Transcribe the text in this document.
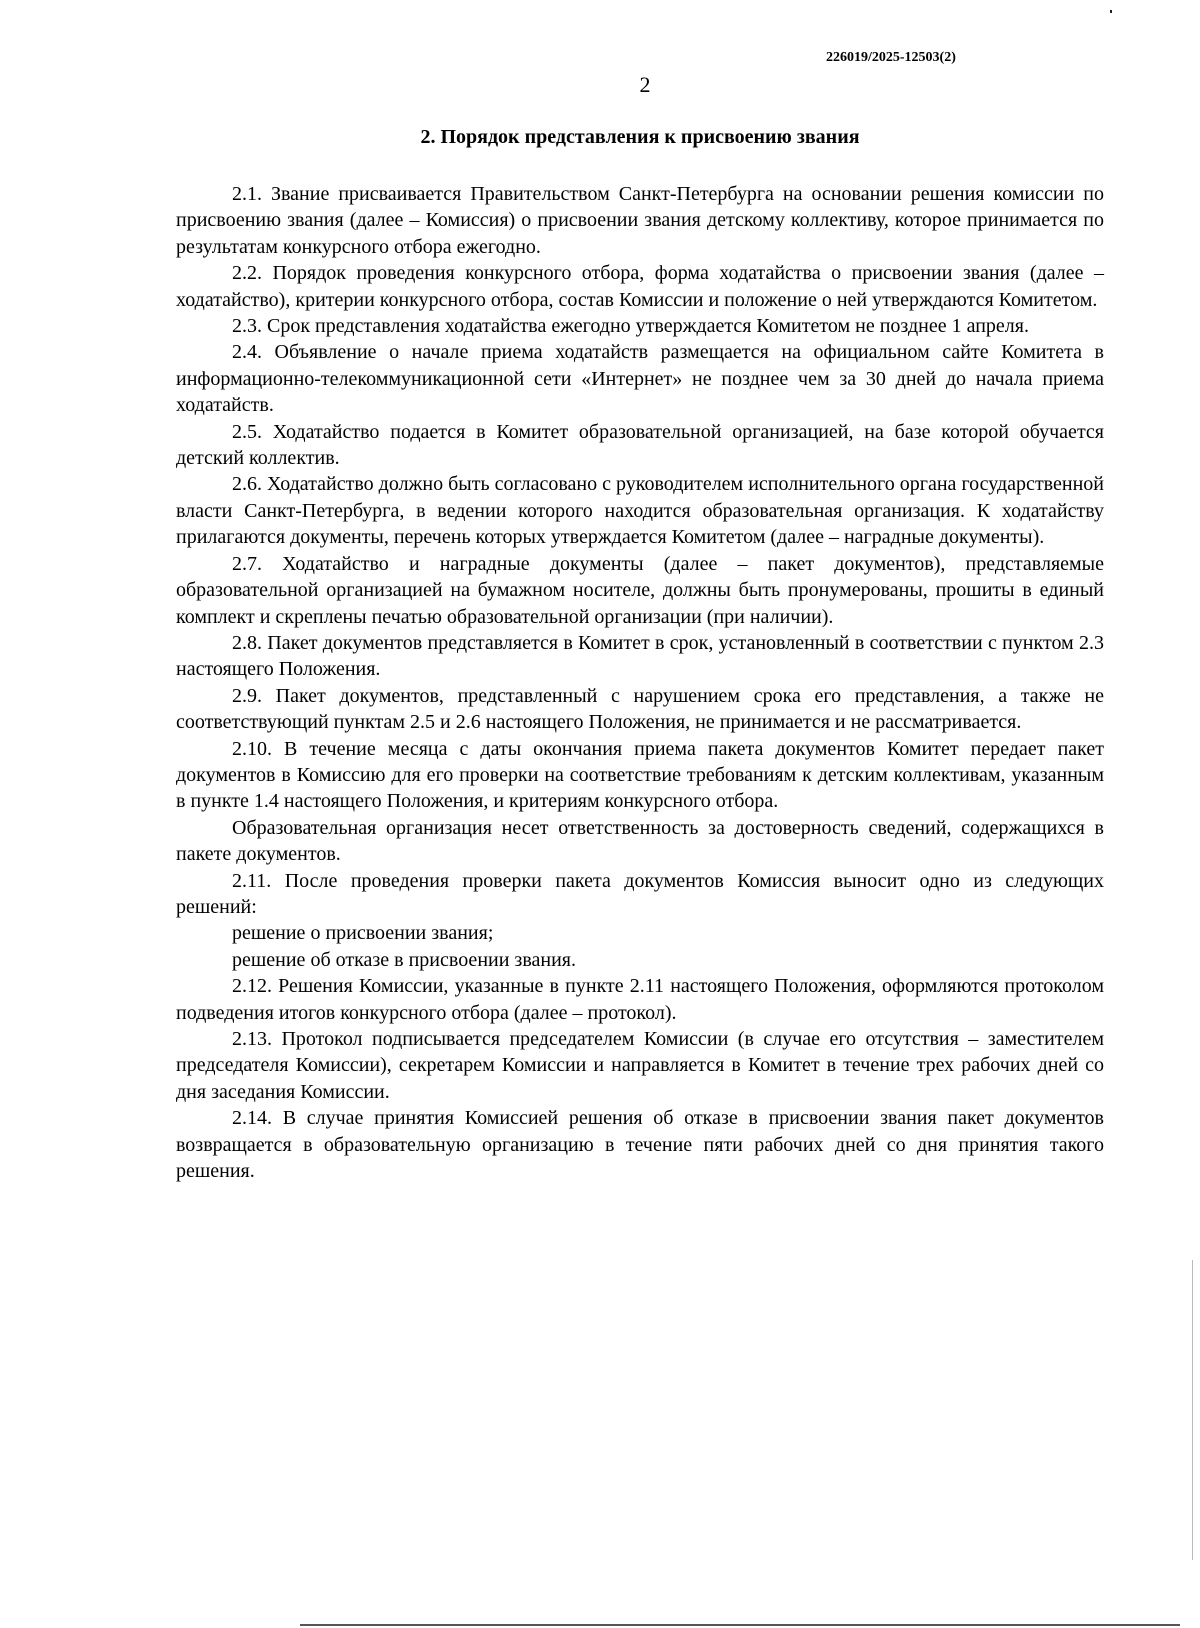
226019/2025-12503(2)
2
2. Порядок представления к присвоению звания

2.1. Звание присваивается Правительством Санкт-Петербурга на основании решения комиссии по присвоению звания (далее – Комиссия) о присвоении звания детскому коллективу, которое принимается по результатам конкурсного отбора ежегодно.

2.2. Порядок проведения конкурсного отбора, форма ходатайства о присвоении звания (далее – ходатайство), критерии конкурсного отбора, состав Комиссии и положение о ней утверждаются Комитетом.

2.3. Срок представления ходатайства ежегодно утверждается Комитетом не позднее 1 апреля.

2.4. Объявление о начале приема ходатайств размещается на официальном сайте Комитета в информационно-телекоммуникационной сети «Интернет» не позднее чем за 30 дней до начала приема ходатайств.

2.5. Ходатайство подается в Комитет образовательной организацией, на базе которой обучается детский коллектив.

2.6. Ходатайство должно быть согласовано с руководителем исполнительного органа государственной власти Санкт-Петербурга, в ведении которого находится образовательная организация. К ходатайству прилагаются документы, перечень которых утверждается Комитетом (далее – наградные документы).

2.7. Ходатайство и наградные документы (далее – пакет документов), представляемые образовательной организацией на бумажном носителе, должны быть пронумерованы, прошиты в единый комплект и скреплены печатью образовательной организации (при наличии).

2.8. Пакет документов представляется в Комитет в срок, установленный в соответствии с пунктом 2.3 настоящего Положения.

2.9. Пакет документов, представленный с нарушением срока его представления, а также не соответствующий пунктам 2.5 и 2.6 настоящего Положения, не принимается и не рассматривается.

2.10. В течение месяца с даты окончания приема пакета документов Комитет передает пакет документов в Комиссию для его проверки на соответствие требованиям к детским коллективам, указанным в пункте 1.4 настоящего Положения, и критериям конкурсного отбора.

Образовательная организация несет ответственность за достоверность сведений, содержащихся в пакете документов.

2.11. После проведения проверки пакета документов Комиссия выносит одно из следующих решений:

решение о присвоении звания;

решение об отказе в присвоении звания.

2.12. Решения Комиссии, указанные в пункте 2.11 настоящего Положения, оформляются протоколом подведения итогов конкурсного отбора (далее – протокол).

2.13. Протокол подписывается председателем Комиссии (в случае его отсутствия – заместителем председателя Комиссии), секретарем Комиссии и направляется в Комитет в течение трех рабочих дней со дня заседания Комиссии.

2.14. В случае принятия Комиссией решения об отказе в присвоении звания пакет документов возвращается в образовательную организацию в течение пяти рабочих дней со дня принятия такого решения.
